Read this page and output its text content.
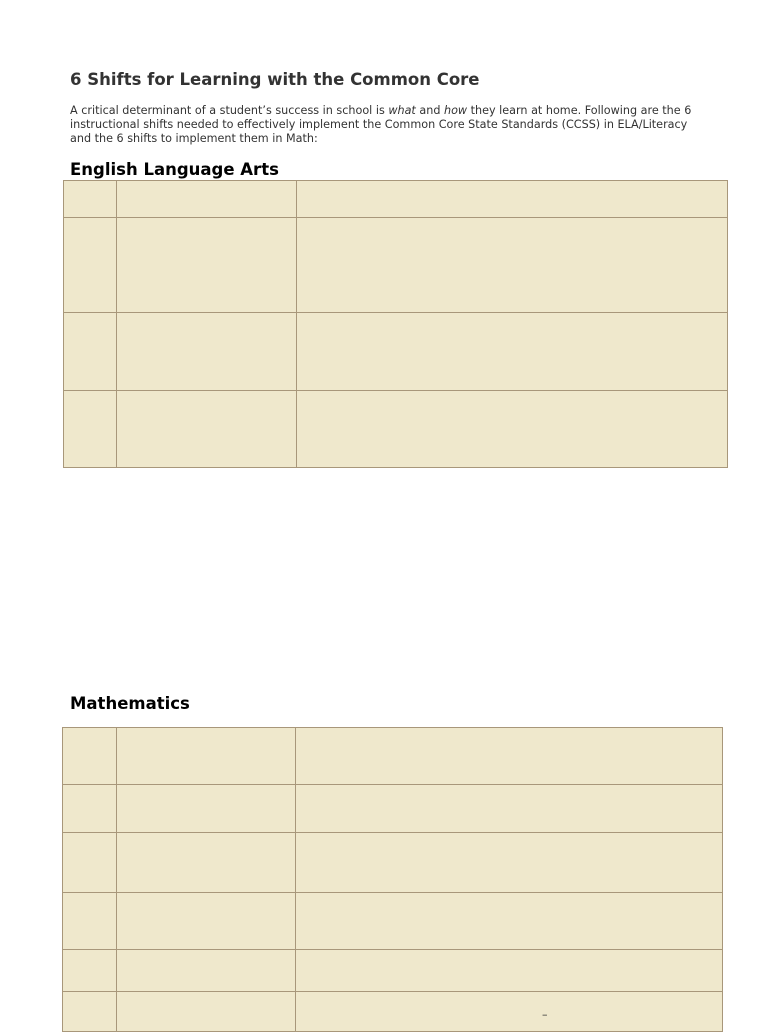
6 Shifts for Learning with the Common Core

A critical determinant of a student’s success in school is what and how they learn at home. Following are the 6 instructional shifts needed to effectively implement the Common Core State Standards (CCSS) in ELA/Literacy and the 6 shifts to implement them in Math:

English Language Arts

Mathematics

–
